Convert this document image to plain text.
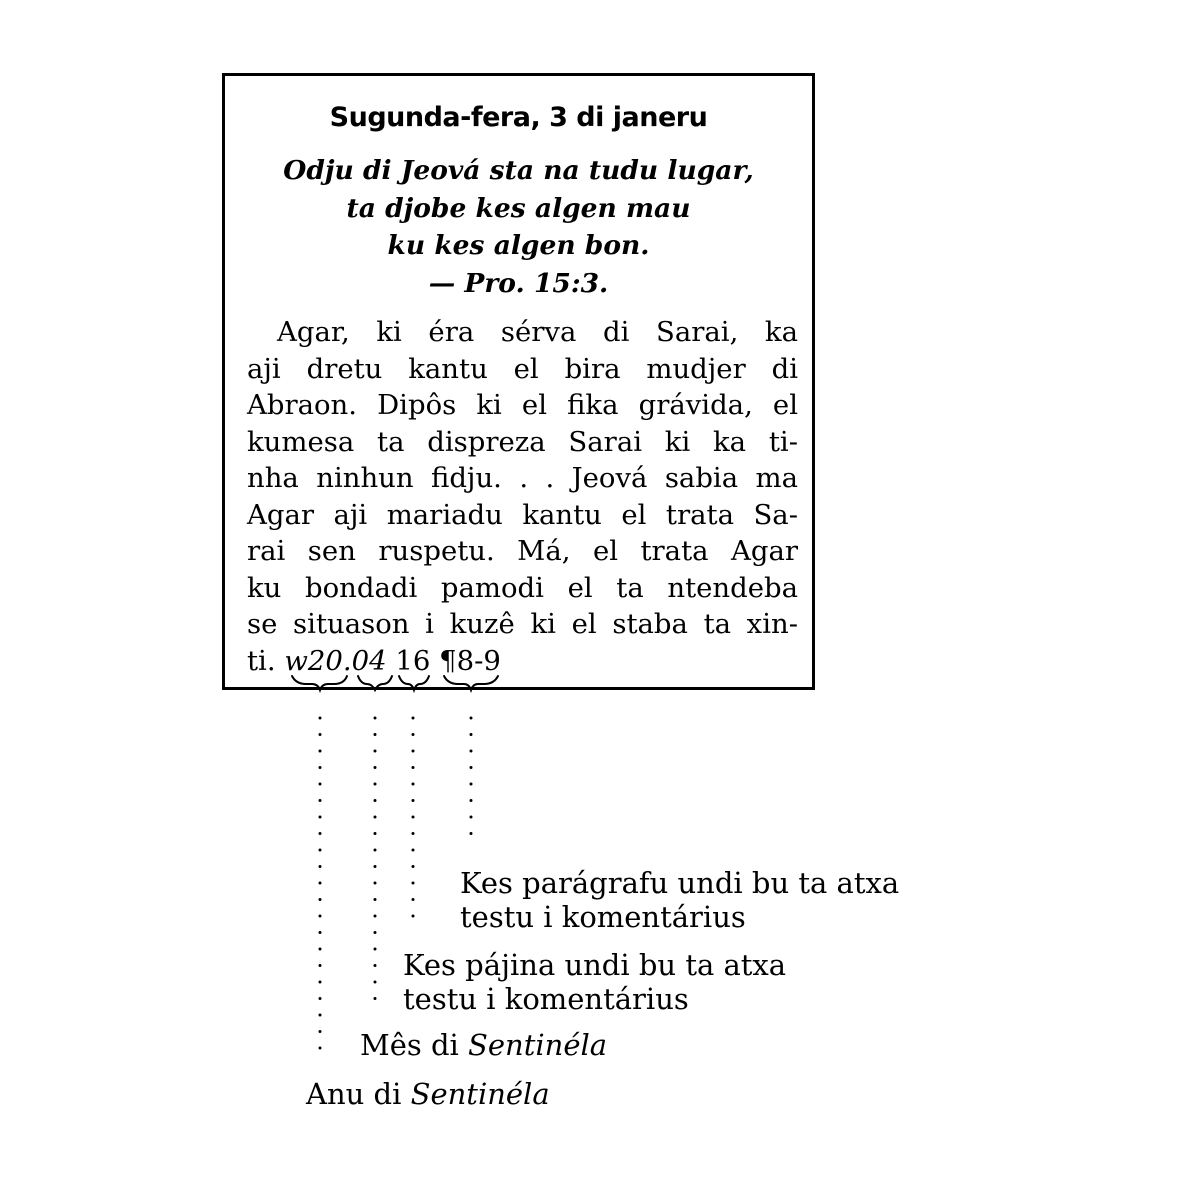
Sugunda-fera, 3 di janeru
Odju di Jeová sta na tudu lugar,
ta djobe kes algen mau
ku kes algen bon.
— Pro. 15:3.
Agar, ki éra sérva di Sarai, ka
aji dretu kantu el bira mudjer di
Abraon. Dipôs ki el fika grávida, el
kumesa ta dispreza Sarai ki ka ti-
nha ninhun fidju. . . Jeová sabia ma
Agar aji mariadu kantu el trata Sa-
rai sen ruspetu. Má, el trata Agar
ku bondadi pamodi el ta ntendeba
se situason i kuzê ki el staba ta xin-
ti. w20.04 16 ¶8-9
Kes parágrafu undi bu ta atxa
testu i komentárius
Kes pájina undi bu ta atxa
testu i komentárius
Mês di Sentinéla
Anu di Sentinéla
